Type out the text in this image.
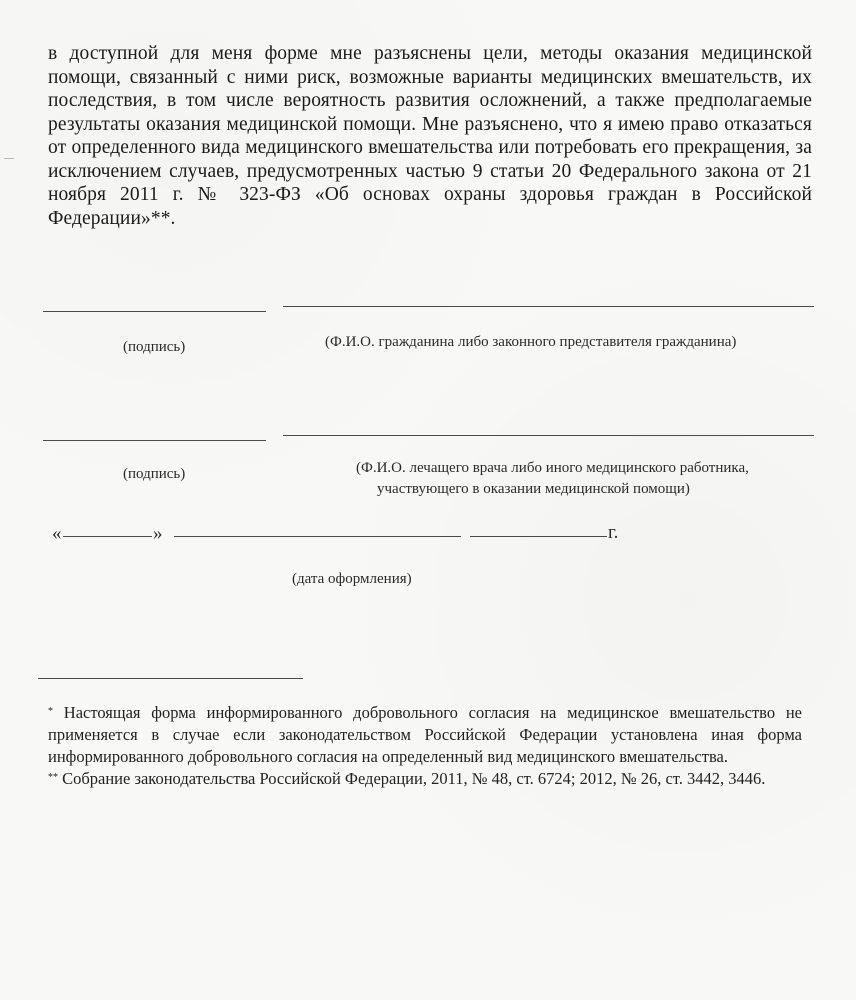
в доступной для меня форме мне разъяснены цели, методы оказания медицинской помощи, связанный с ними риск, возможные варианты медицинских вмешательств, их последствия, в том числе вероятность развития осложнений, а также предполагаемые результаты оказания медицинской помощи. Мне разъяснено, что я имею право отказаться от определенного вида медицинского вмешательства или потребовать его прекращения, за исключением случаев, предусмотренных частью 9 статьи 20 Федерального закона от 21 ноября 2011 г. № 323-ФЗ «Об основах охраны здоровья граждан в Российской Федерации»**.
(подпись)	(Ф.И.О. гражданина либо законного представителя гражданина)
(подпись)	(Ф.И.О. лечащего врача либо иного медицинского работника,
участвующего в оказании медицинской помощи)
«	»	г.
(дата оформления)
* Настоящая форма информированного добровольного согласия на медицинское вмешательство не применяется в случае если законодательством Российской Федерации установлена иная форма информированного добровольного согласия на определенный вид медицинского вмешательства.
** Собрание законодательства Российской Федерации, 2011, № 48, ст. 6724; 2012, № 26, ст. 3442, 3446.
